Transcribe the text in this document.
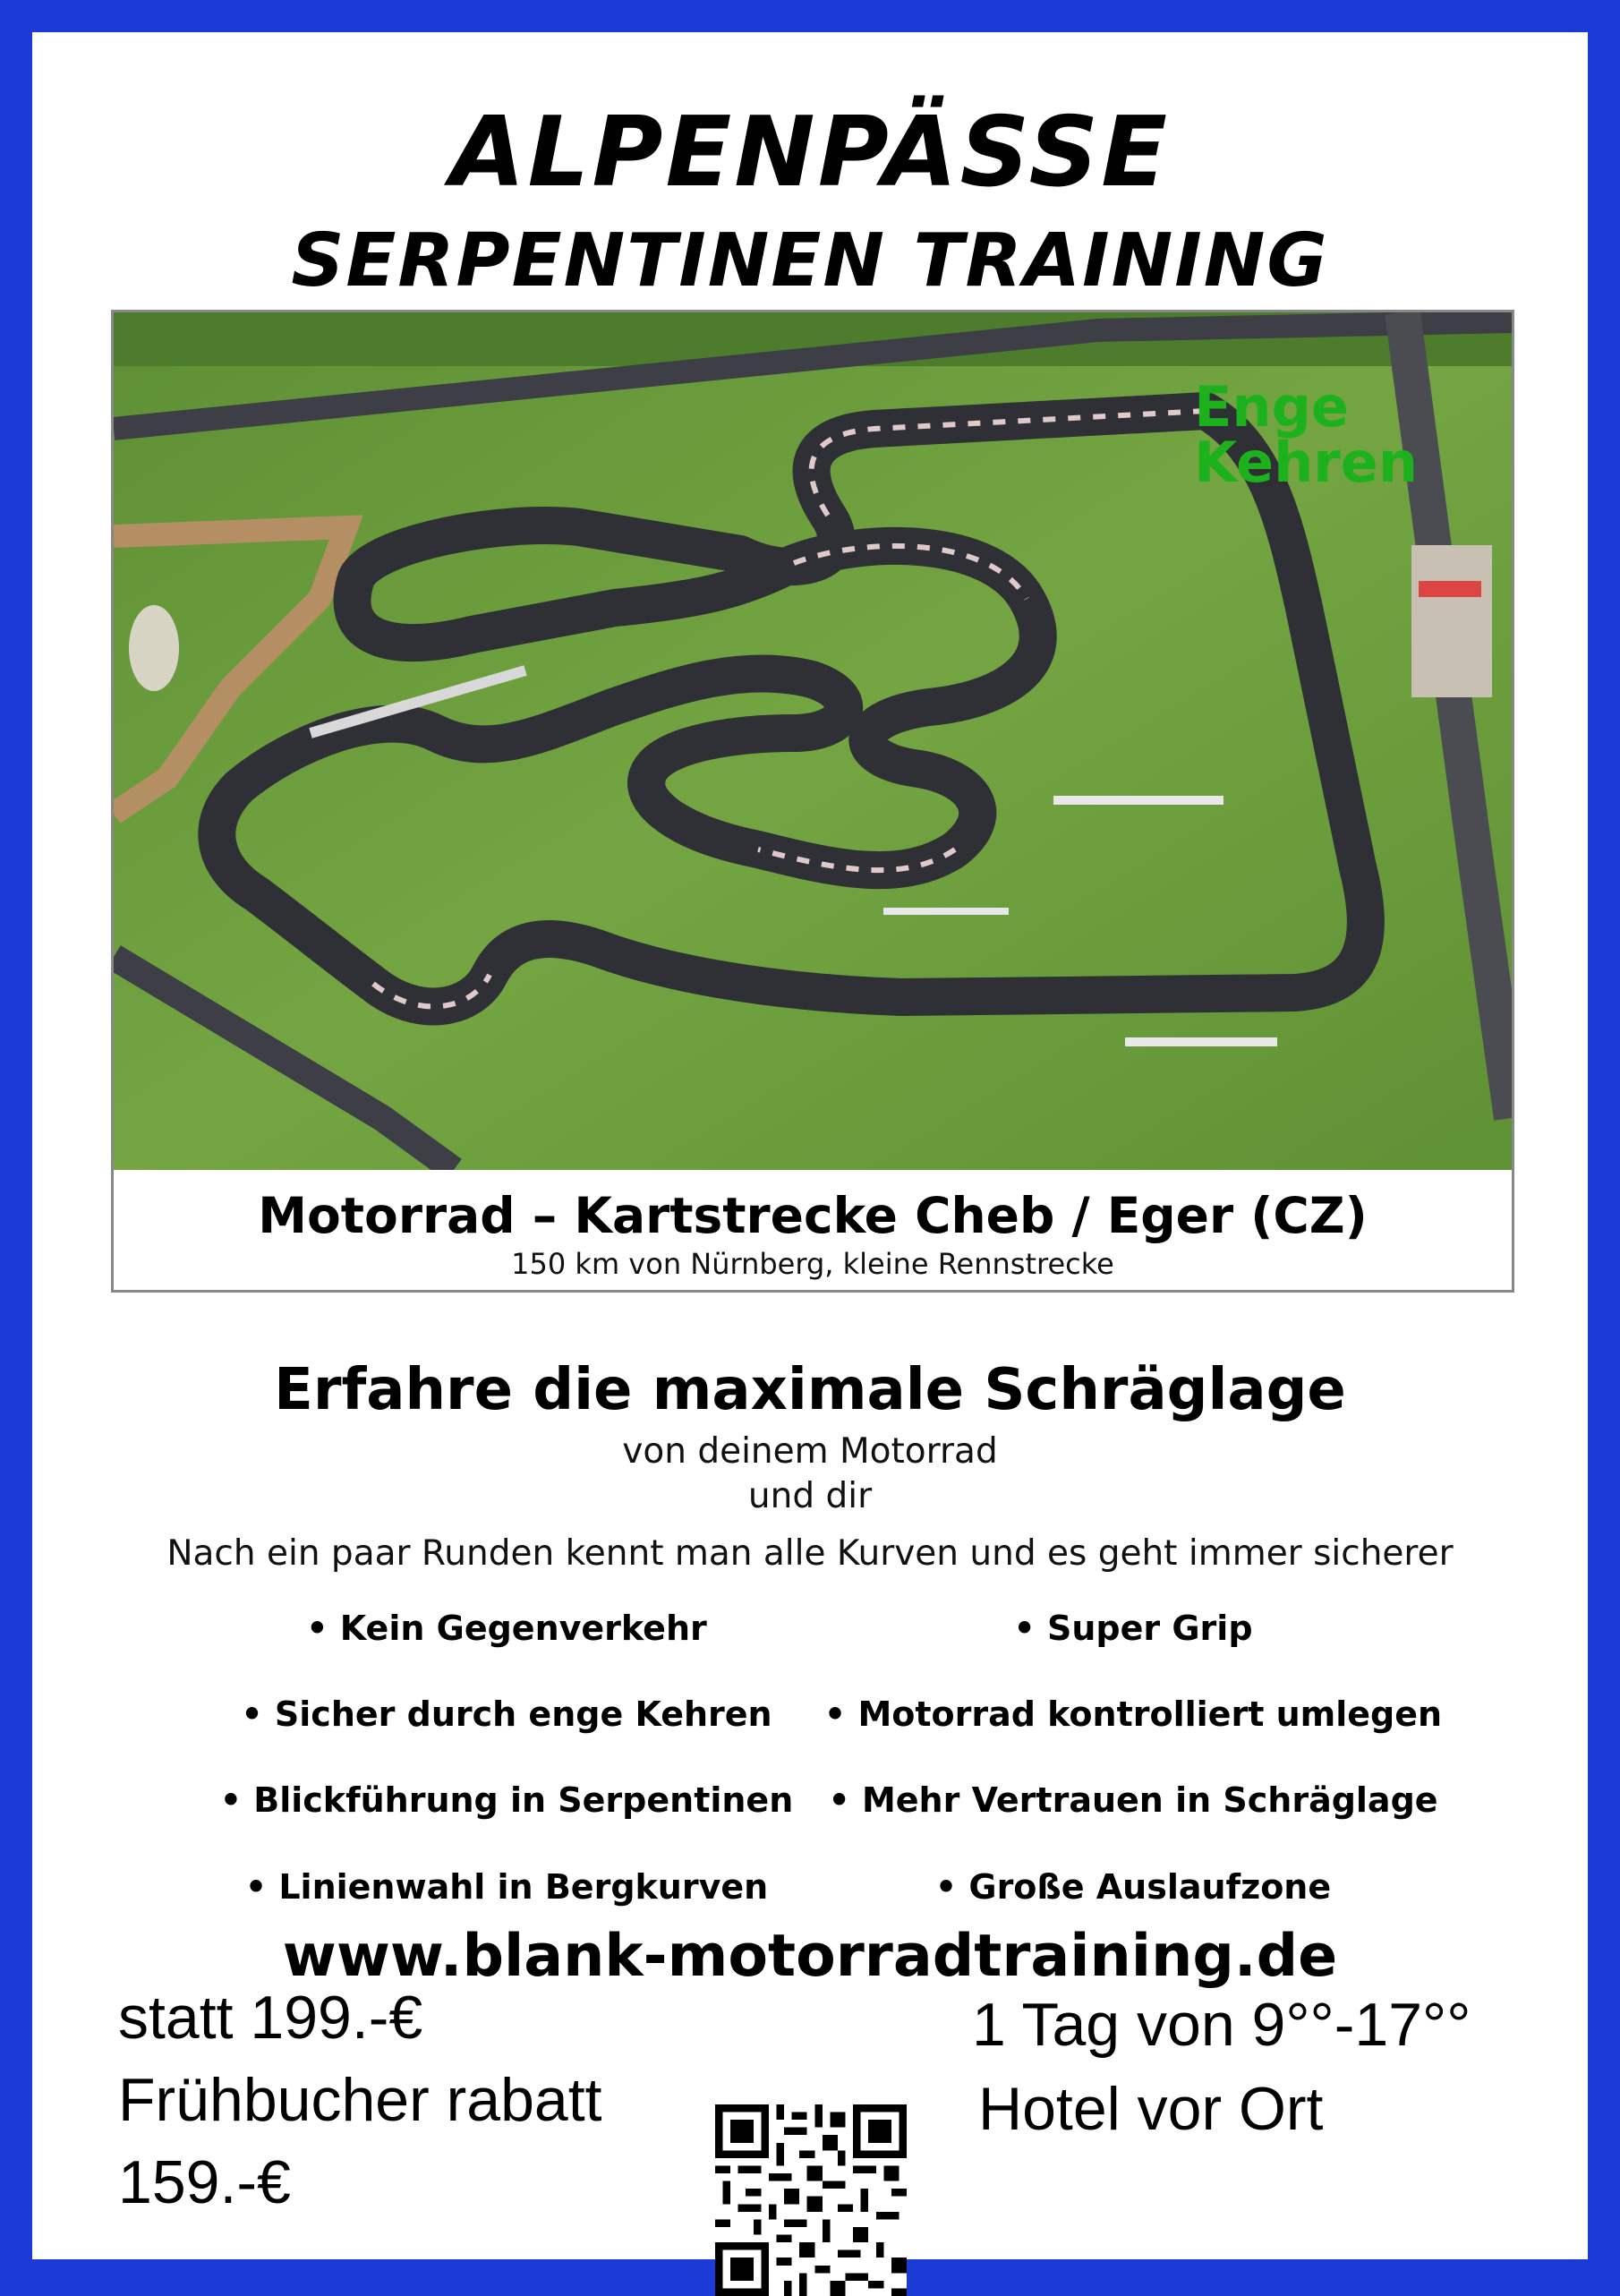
ALPENPÄSSE
SERPENTINEN TRAINING
Enge
Kehren
Motorrad – Kartstrecke Cheb / Eger (CZ)
150 km von Nürnberg, kleine Rennstrecke
Erfahre die maximale Schräglage
von deinem Motorrad
und dir
Nach ein paar Runden kennt man alle Kurven und es geht immer sicherer
• Kein Gegenverkehr	• Super Grip
• Sicher durch enge Kehren • Motorrad kontrolliert umlegen
• Blickführung in Serpentinen • Mehr Vertrauen in Schräglage
• Linienwahl in Bergkurven	• Große Auslaufzone
www.blank-motorradtraining.de
statt 199.-€
Frühbucher rabatt
159.-€
1 Tag von 9°°-17°°
Hotel vor Ort
